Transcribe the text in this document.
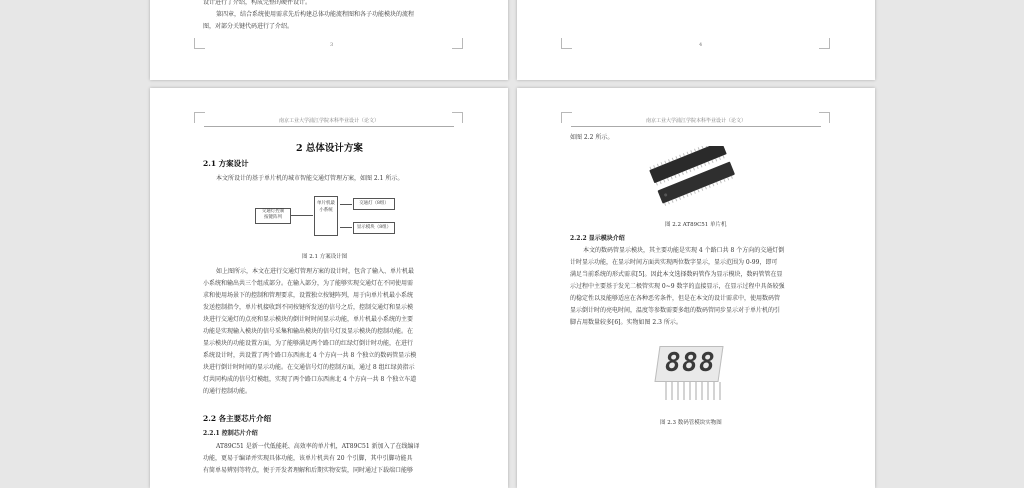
设计进行了介绍，构成完整的硬件设计。
第四章，结合系统使用需求先后构建总体功能流程图和各子功能模块的流程
图，对部分关键代码进行了介绍。
3	4
南京工业大学浦江学院本科毕业设计（论文）
2 总体设计方案
2.1 方案设计
本文所设计的基于单片机的城市智能交通灯管理方案，如图 2.1 所示。
交通灯控制
按键阵列
单片机最
小系统
交通灯（8组）
显示模块（8组）
图 2.1 方案设计图
如上图所示，本文在进行交通灯管理方案的设计时，包含了输入、单片机最
小系统和输出共三个组成部分。在输入部分，为了能够实现交通灯在不同使用需
求和使用场景下的控制和管理要求，设置独立按键阵列，用于向单片机最小系统
发送控制指令，单片机接收到不同按键所发送的信号之后，控制交通灯和显示模
块进行交通灯的点亮和显示模块的倒计时时间显示功能，单片机最小系统的主要
功能是实现输入模块的信号采集和输出模块的信号灯及显示模块的控制功能。在
显示模块的功能设置方面，为了能够满足两个路口的红绿灯倒计时功能，在进行
系统设计时，共设置了两个路口东西南北 4 个方向一共 8 个独立的数码管显示模
块进行倒计时时间的显示功能。在交通信号灯的控制方面，通过 8 组红绿黄指示
灯共同构成的信号灯模组，实现了两个路口东西南北 4 个方向一共 8 个独立车道
的通行控制功能。
2.2 各主要芯片介绍
2.2.1 控制芯片介绍
AT89C51 是新一代低能耗、高效率的单片机，AT89C51 新加入了在线编译
功能，更易于编译并实现具体功能，该单片机共有 20 个引脚，其中引脚功能具
有简单易辨别等特点，便于开发者理解和后期实物安装，同时通过下载端口能够
南京工业大学浦江学院本科毕业设计（论文）
如图 2.2 所示。
图 2.2 AT89C51 单片机
2.2.2 显示模块介绍
本文的数码管显示模块，其主要功能是实现 4 个路口共 8 个方向的交通灯倒
计时显示功能，在显示时间方面共实现两位数字显示，显示范围为 0-99，即可
满足当前系统的形式需求[5]。因此本文选择数码管作为显示模块，数码管管在显
示过程中主要基于发光二极管实现 0~9 数字的直接显示，在显示过程中具备较强
的稳定性以及能够适应在各种恶劣条件，但是在本文的设计需求中，使用数码管
显示倒计时的亮电时间，温度等参数需要多组的数码管同步显示对于单片机的引
脚占用数量较多[6]。实物如图 2.3 所示。
8 8 8
图 2.3 数码管模块实物图
